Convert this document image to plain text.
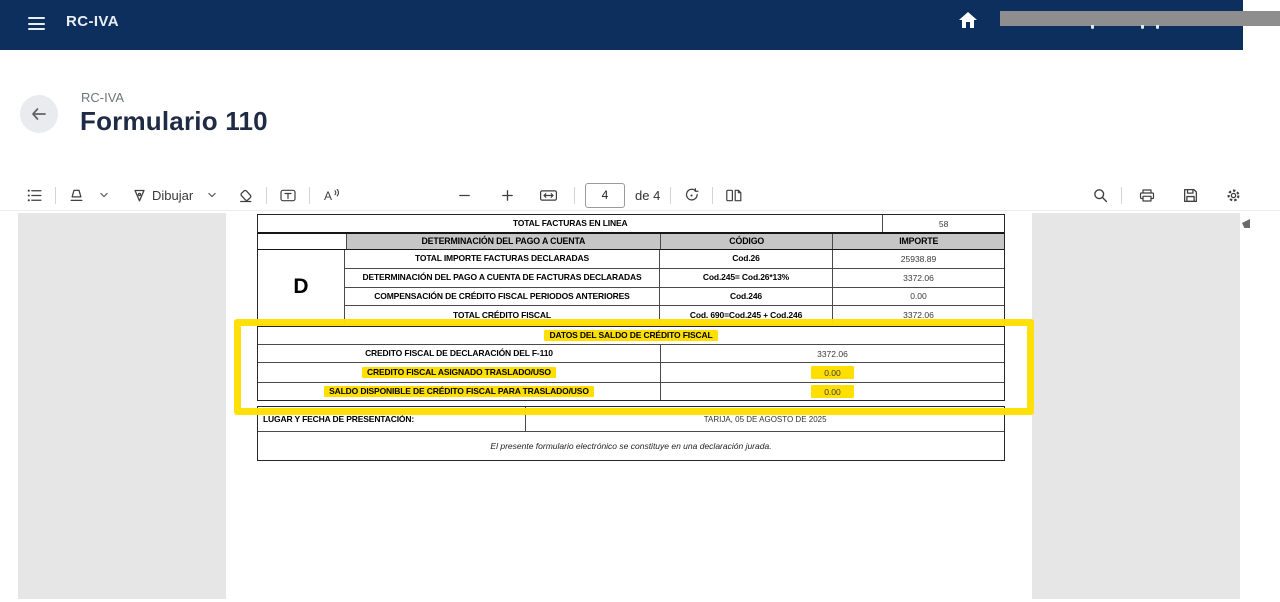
RC-IVA
RC-IVA
Formulario 110
Dibujar	A
4	de 4
TOTAL FACTURAS EN LINEA	58
DETERMINACIÓN DEL PAGO A CUENTA	CÓDIGO	IMPORTE
D
TOTAL IMPORTE FACTURAS DECLARADAS	Cod.26	25938.89
DETERMINACIÓN DEL PAGO A CUENTA DE FACTURAS DECLARADAS	Cod.245= Cod.26*13%	3372.06
COMPENSACIÓN DE CRÉDITO FISCAL PERIODOS ANTERIORES	Cod.246	0.00
TOTAL CRÉDITO FISCAL	Cod. 690=Cod.245 + Cod.246	3372.06
DATOS DEL SALDO DE CRÉDITO FISCAL
CREDITO FISCAL DE DECLARACIÓN DEL F-110	3372.06
CREDITO FISCAL ASIGNADO TRASLADO/USO	0.00
SALDO DISPONIBLE DE CRÉDITO FISCAL PARA TRASLADO/USO	0.00
LUGAR Y FECHA DE PRESENTACIÓN:	TARIJA, 05 DE AGOSTO DE 2025
El presente formulario electrónico se constituye en una declaración jurada.
